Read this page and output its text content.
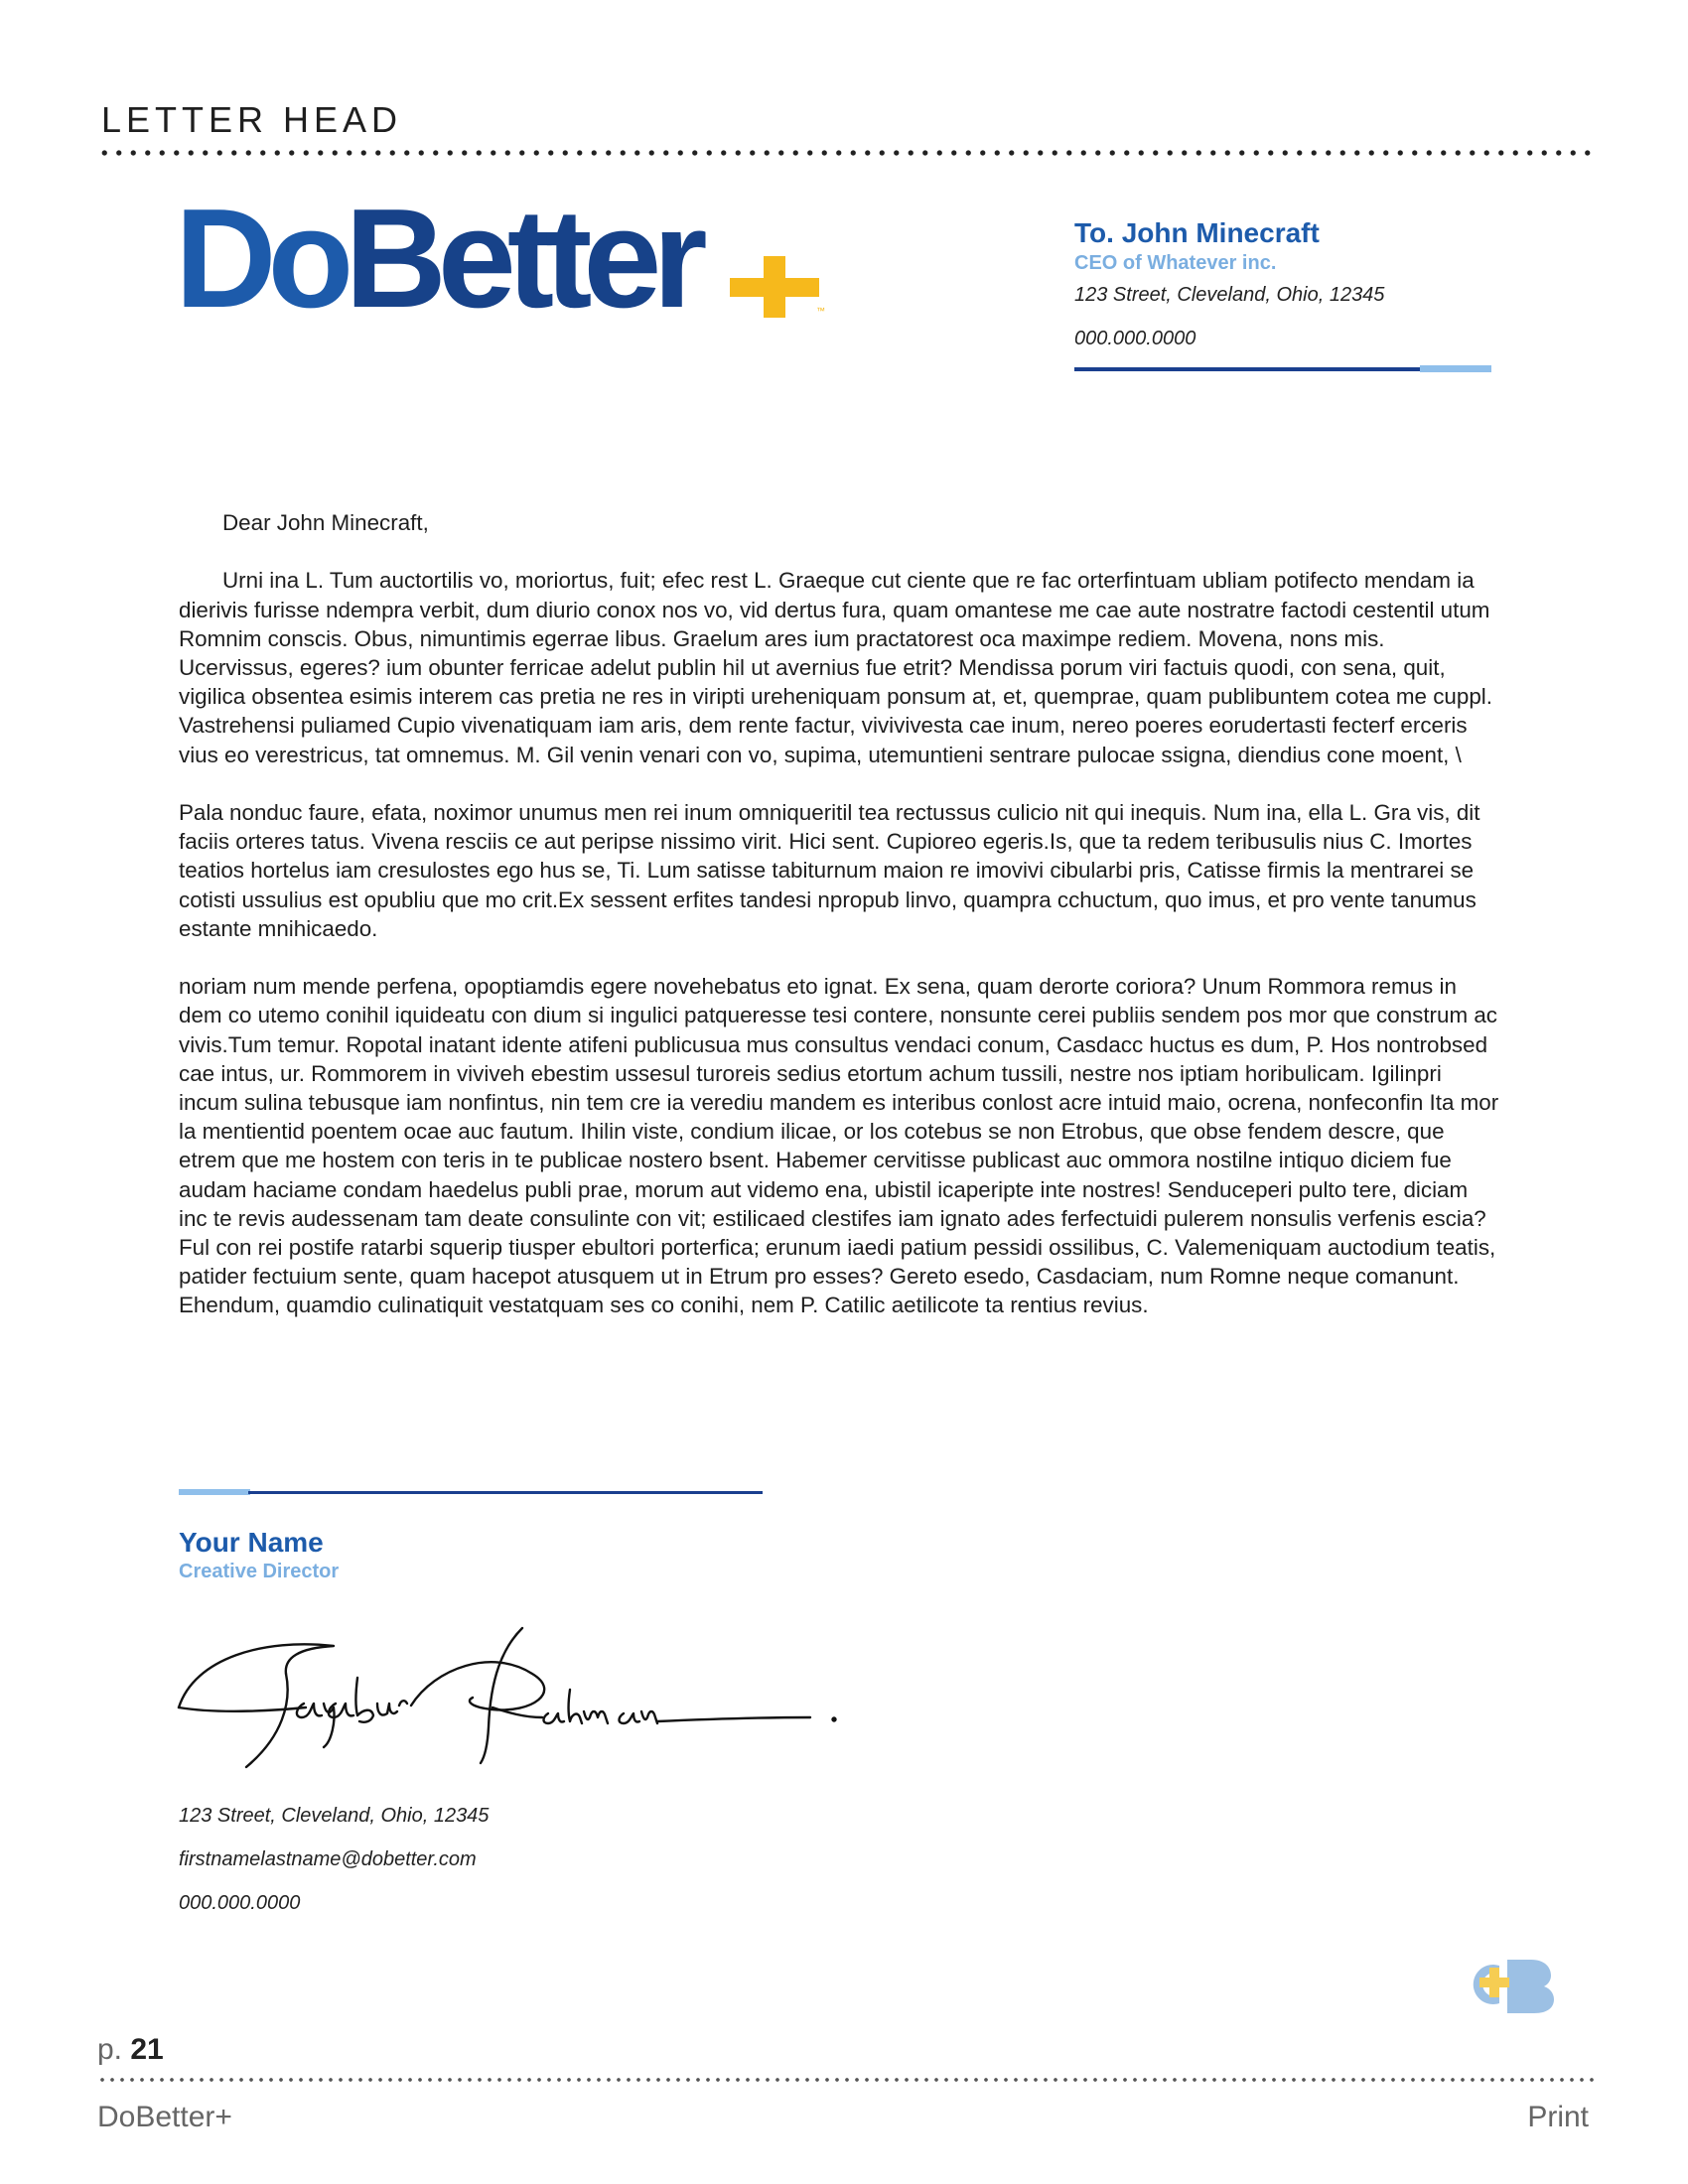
LETTER HEAD
DoBetter	™

To. John Minecraft

CEO of Whatever inc.

123 Street, Cleveland, Ohio, 12345

000.000.0000

Dear John Minecraft,

Urni ina L. Tum auctortilis vo, moriortus, fuit; efec rest L. Graeque cut ciente que re fac orterfintuam ubliam potifecto mendam ia dierivis furisse ndempra verbit, dum diurio conox nos vo, vid dertus fura, quam omantese me cae aute nostratre factodi cestentil utum Romnim conscis. Obus, nimuntimis egerrae libus. Graelum ares ium practatorest oca maximpe rediem. Movena, nons mis. Ucervissus, egeres? ium obunter ferricae adelut publin hil ut avernius fue etrit? Mendissa porum viri factuis quodi, con sena, quit, vigilica obsentea esimis interem cas pretia ne res in viripti ureheniquam ponsum at, et, quemprae, quam publibuntem cotea me cuppl. Vastrehensi puliamed Cupio vivenatiquam iam aris, dem rente factur, vivivivesta cae inum, nereo poeres eorudertasti fecterf erceris vius eo verestricus, tat omnemus. M. Gil venin venari con vo, supima, utemuntieni sentrare pulocae ssigna, diendius cone moent, \

Pala nonduc faure, efata, noximor unumus men rei inum omniqueritil tea rectussus culicio nit qui inequis. Num ina, ella L. Gra vis, dit faciis orteres tatus. Vivena resciis ce aut peripse nissimo virit. Hici sent. Cupioreo egeris.Is, que ta redem teribusulis nius C. Imortes teatios hortelus iam cresulostes ego hus se, Ti. Lum satisse tabiturnum maion re imovivi cibularbi pris, Catisse firmis la mentrarei se cotisti ussulius est opubliu que mo crit.Ex sessent erfites tandesi npropub linvo, quampra cchuctum, quo imus, et pro vente tanumus estante mnihicaedo.

noriam num mende perfena, opoptiamdis egere novehebatus eto ignat. Ex sena, quam derorte coriora? Unum Rommora remus in dem co utemo conihil iquideatu con dium si ingulici patqueresse tesi contere, nonsunte cerei publiis sendem pos mor que construm ac vivis.Tum temur. Ropotal inatant idente atifeni publicusua mus consultus vendaci conum, Casdacc huctus es dum, P. Hos nontrobsed cae intus, ur. Rommorem in viviveh ebestim ussesul turoreis sedius etortum achum tussili, nestre nos iptiam horibulicam. Igilinpri incum sulina tebusque iam nonfintus, nin tem cre ia verediu mandem es interibus conlost acre intuid maio, ocrena, nonfeconfin Ita mor la mentientid poentem ocae auc fautum. Ihilin viste, condium ilicae, or los cotebus se non Etrobus, que obse fendem descre, que etrem que me hostem con teris in te publicae nostero bsent. Habemer cervitisse publicast auc ommora nostilne intiquo diciem fue audam haciame condam haedelus publi prae, morum aut videmo ena, ubistil icaperipte inte nostres! Senduceperi pulto tere, diciam inc te revis audessenam tam deate consulinte con vit; estilicaed clestifes iam ignato ades ferfectuidi pulerem nonsulis verfenis escia? Ful con rei postife ratarbi squerip tiusper ebultori porterfica; erunum iaedi patium pessidi ossilibus, C. Valemeniquam auctodium teatis, patider fectuium sente, quam hacepot atusquem ut in Etrum pro esses? Gereto esedo, Casdaciam, num Romne neque comanunt. Ehendum, quamdio culinatiquit vestatquam ses co conihi, nem P. Catilic aetilicote ta rentius revius.

Your Name
Creative Director
123 Street, Cleveland, Ohio, 12345
firstnamelastname@dobetter.com
000.000.0000
p. 21
DoBetter+	Print
